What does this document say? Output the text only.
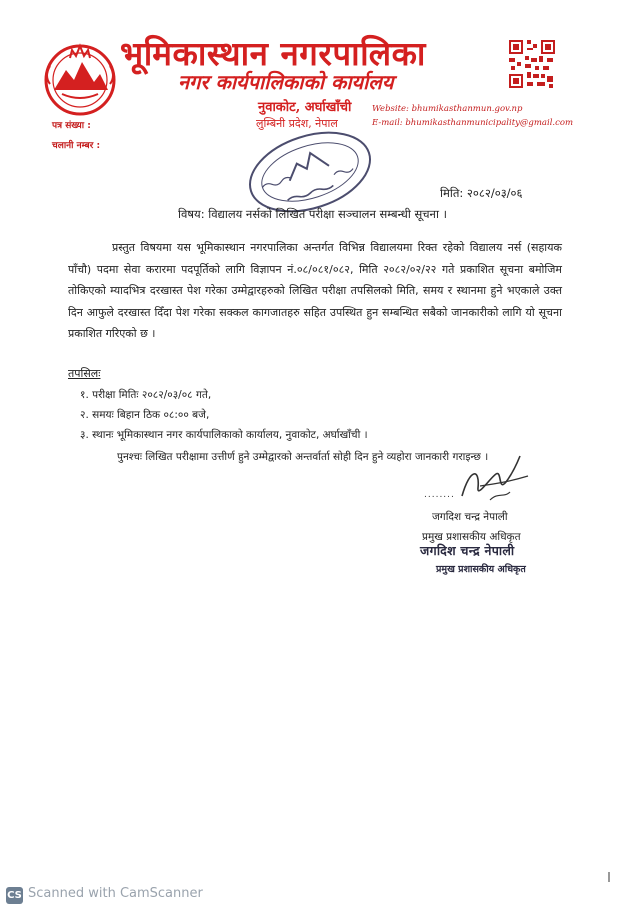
भूमिकास्थान नगरपालिका
नगर कार्यपालिकाको कार्यालय
नुवाकोट, अर्घाखाँची
लुम्बिनी प्रदेश, नेपाल
Website: bhumikasthanmun.gov.np
E-mail: bhumikasthanmunicipality@gmail.com
पत्र संख्या :
चलानी नम्बर :
मिति: २०८२/०३/०६
विषय: विद्यालय नर्सको लिखित परीक्षा सञ्चालन सम्बन्धी सूचना ।

प्रस्तुत विषयमा यस भूमिकास्थान नगरपालिका अन्तर्गत विभिन्न विद्यालयमा रिक्त रहेको विद्यालय नर्स (सहायक पाँचौ) पदमा सेवा करारमा पदपूर्तिको लागि विज्ञापन नं.०८/०८१/०८२, मिति २०८२/०२/२२ गते प्रकाशित सूचना बमोजिम तोकिएको म्यादभित्र दरखास्त पेश गरेका उम्मेद्वारहरुको लिखित परीक्षा तपसिलको मिति, समय र स्थानमा हुने भएकाले उक्त दिन आफुले दरखास्त दिँदा पेश गरेका सक्कल कागजातहरु सहित उपस्थित हुन सम्बन्धित सबैको जानकारीको लागि यो सूचना प्रकाशित गरिएको छ ।

तपसिलः
१. परीक्षा मितिः २०८२/०३/०८ गते,
२. समयः बिहान ठिक ०८:०० बजे,
३. स्थानः भूमिकास्थान नगर कार्यपालिकाको कार्यालय, नुवाकोट, अर्घाखाँची ।
पुनश्चः लिखित परीक्षामा उत्तीर्ण हुने उम्मेद्वारको अन्तर्वार्ता सोही दिन हुने व्यहोरा जानकारी गराइन्छ ।
........
जगदिश चन्द्र नेपाली
प्रमुख प्रशासकीय अधिकृत
जगदिश चन्द्र नेपाली
प्रमुख प्रशासकीय अधिकृत
CS Scanned with CamScanner
